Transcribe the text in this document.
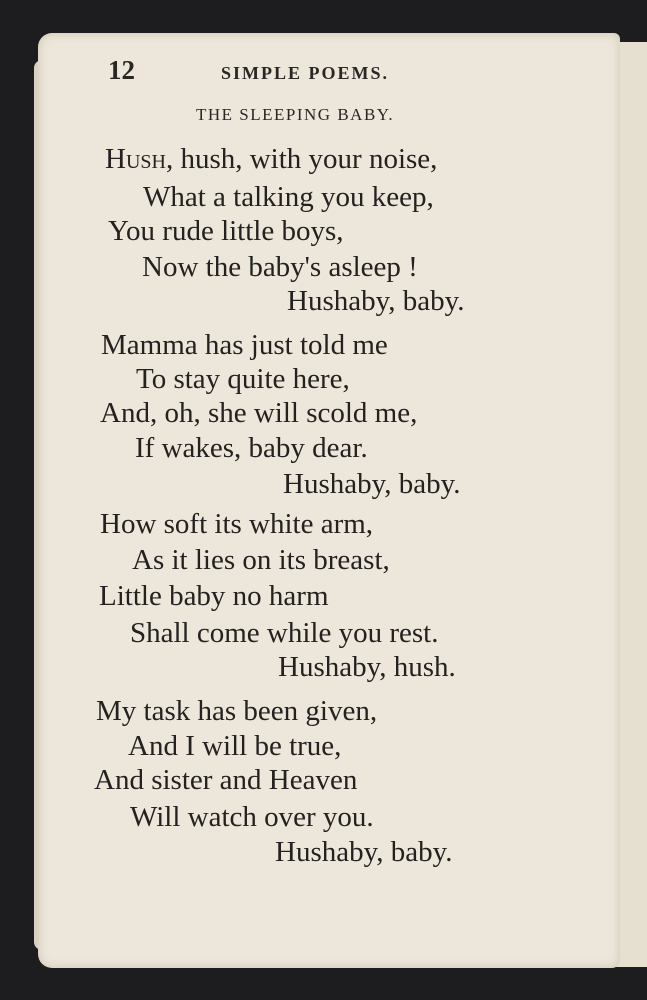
12	SIMPLE POEMS.
THE SLEEPING BABY.
Hush, hush, with your noise,
What a talking you keep,
You rude little boys,
Now the baby's asleep !
Hushaby, baby.
Mamma has just told me
To stay quite here,
And, oh, she will scold me,
If wakes, baby dear.
Hushaby, baby.
How soft its white arm,
As it lies on its breast,
Little baby no harm
Shall come while you rest.
Hushaby, hush.
My task has been given,
And I will be true,
And sister and Heaven
Will watch over you.
Hushaby, baby.
